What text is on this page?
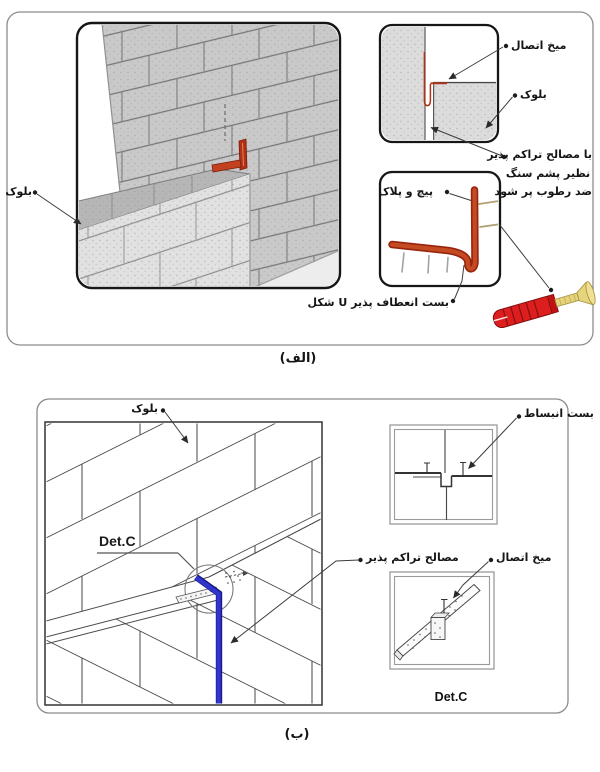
بلوک
میخ اتصال
بلوک
با مصالح تراکم پذیر
نظیر پشم سنگ
ضد رطوب پر شود
پیچ و پلاک
بست انعطاف پذیر U شکل
(الف)
بلوک
Det.C
بست انبساط
مصالح تراکم پذیر	میخ اتصال
Det.C
(ب)
